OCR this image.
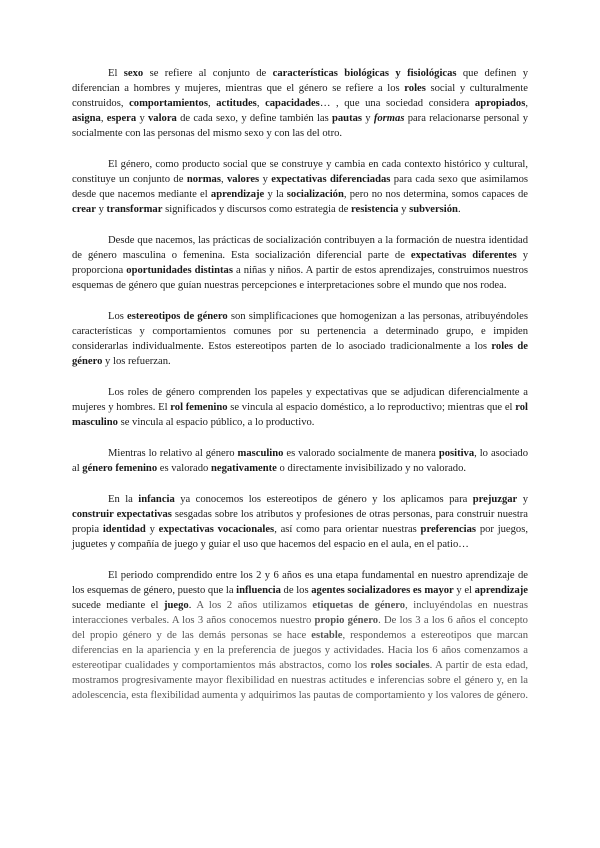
El sexo se refiere al conjunto de características biológicas y fisiológicas que definen y diferencian a hombres y mujeres, mientras que el género se refiere a los roles social y culturalmente construidos, comportamientos, actitudes, capacidades… , que una sociedad considera apropiados, asigna, espera y valora de cada sexo, y define también las pautas y formas para relacionarse personal y socialmente con las personas del mismo sexo y con las del otro.

El género, como producto social que se construye y cambia en cada contexto histórico y cultural, constituye un conjunto de normas, valores y expectativas diferenciadas para cada sexo que asimilamos desde que nacemos mediante el aprendizaje y la socialización, pero no nos determina, somos capaces de crear y transformar significados y discursos como estrategia de resistencia y subversión.

Desde que nacemos, las prácticas de socialización contribuyen a la formación de nuestra identidad de género masculina o femenina. Esta socialización diferencial parte de expectativas diferentes y proporciona oportunidades distintas a niñas y niños. A partir de estos aprendizajes, construimos nuestros esquemas de género que guían nuestras percepciones e interpretaciones sobre el mundo que nos rodea.

Los estereotipos de género son simplificaciones que homogenizan a las personas, atribuyéndoles características y comportamientos comunes por su pertenencia a determinado grupo, e impiden considerarlas individualmente. Estos estereotipos parten de lo asociado tradicionalmente a los roles de género y los refuerzan.

Los roles de género comprenden los papeles y expectativas que se adjudican diferencialmente a mujeres y hombres. El rol femenino se vincula al espacio doméstico, a lo reproductivo; mientras que el rol masculino se vincula al espacio público, a lo productivo.

Mientras lo relativo al género masculino es valorado socialmente de manera positiva, lo asociado al género femenino es valorado negativamente o directamente invisibilizado y no valorado.

En la infancia ya conocemos los estereotipos de género y los aplicamos para prejuzgar y construir expectativas sesgadas sobre los atributos y profesiones de otras personas, para construir nuestra propia identidad y expectativas vocacionales, así como para orientar nuestras preferencias por juegos, juguetes y compañía de juego y guiar el uso que hacemos del espacio en el aula, en el patio…

El periodo comprendido entre los 2 y 6 años es una etapa fundamental en nuestro aprendizaje de los esquemas de género, puesto que la influencia de los agentes socializadores es mayor y el aprendizaje sucede mediante el juego. A los 2 años utilizamos etiquetas de género, incluyéndolas en nuestras interacciones verbales. A los 3 años conocemos nuestro propio género. De los 3 a los 6 años el concepto del propio género y de las demás personas se hace estable, respondemos a estereotipos que marcan diferencias en la apariencia y en la preferencia de juegos y actividades. Hacia los 6 años comenzamos a estereotipar cualidades y comportamientos más abstractos, como los roles sociales. A partir de esta edad, mostramos progresivamente mayor flexibilidad en nuestras actitudes e inferencias sobre el género y, en la adolescencia, esta flexibilidad aumenta y adquirimos las pautas de comportamiento y los valores de género.
